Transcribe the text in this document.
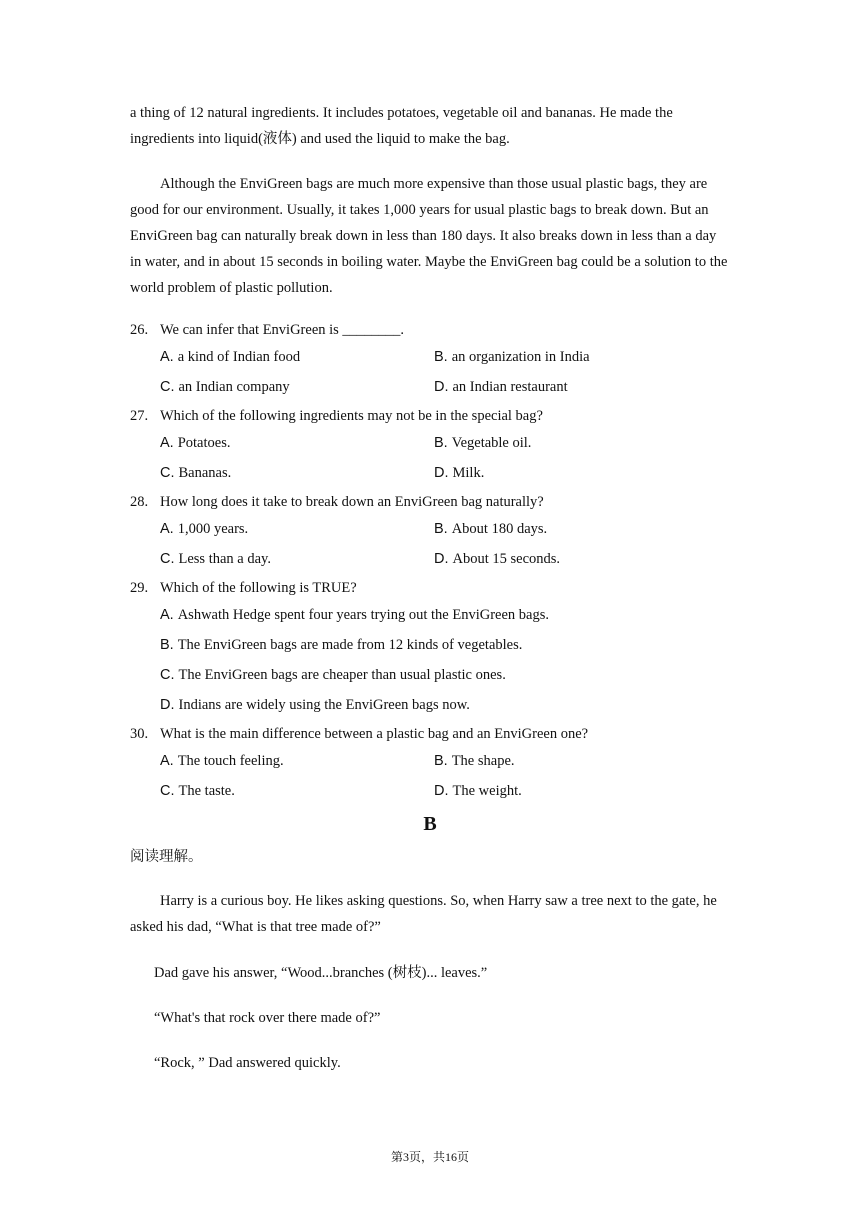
a thing of 12 natural ingredients. It includes potatoes, vegetable oil and bananas. He made the ingredients into liquid(液体) and used the liquid to make the bag.

Although the EnviGreen bags are much more expensive than those usual plastic bags, they are good for our environment. Usually, it takes 1,000 years for usual plastic bags to break down. But an EnviGreen bag can naturally break down in less than 180 days. It also breaks down in less than a day in water, and in about 15 seconds in boiling water. Maybe the EnviGreen bag could be a solution to the world problem of plastic pollution.

26. We can infer that EnviGreen is ________.
A. a kind of Indian food	B. an organization in India
C. an Indian company	D. an Indian restaurant
27. Which of the following ingredients may not be in the special bag?
A. Potatoes.	B. Vegetable oil.
C. Bananas.	D. Milk.
28. How long does it take to break down an EnviGreen bag naturally?
A. 1,000 years.	B. About 180 days.
C. Less than a day.	D. About 15 seconds.
29. Which of the following is TRUE?
A. Ashwath Hedge spent four years trying out the EnviGreen bags.
B. The EnviGreen bags are made from 12 kinds of vegetables.
C. The EnviGreen bags are cheaper than usual plastic ones.
D. Indians are widely using the EnviGreen bags now.
30. What is the main difference between a plastic bag and an EnviGreen one?
A. The touch feeling.	B. The shape.
C. The taste.	D. The weight.
B

阅读理解。

Harry is a curious boy. He likes asking questions. So, when Harry saw a tree next to the gate, he asked his dad, “What is that tree made of?”

Dad gave his answer, “Wood...branches (树枝)... leaves.”

“What's that rock over there made of?”

“Rock, ” Dad answered quickly.

第3页，共16页
